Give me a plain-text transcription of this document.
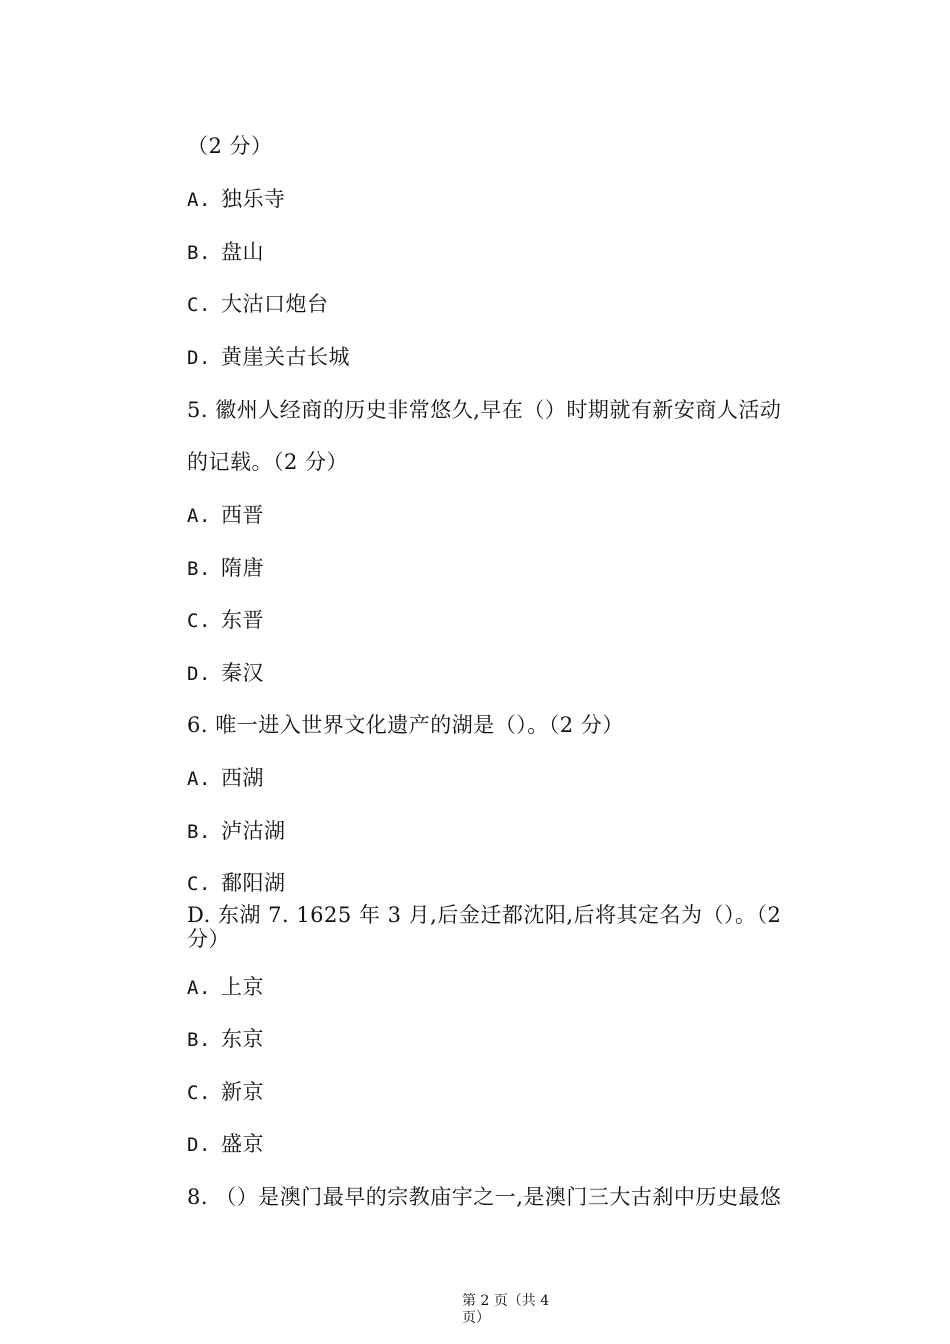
（2 分）
A. 独乐寺
B. 盘山
C. 大沽口炮台
D. 黄崖关古长城
5. 徽州人经商的历史非常悠久,早在（）时期就有新安商人活动
的记载。（2 分）
A. 西晋
B. 隋唐
C. 东晋
D. 秦汉
6. 唯一进入世界文化遗产的湖是（）。（2 分）
A. 西湖
B. 泸沽湖
C. 鄱阳湖
D. 东湖 7. 1625 年 3 月,后金迁都沈阳,后将其定名为（）。（2 分）
A. 上京
B. 东京
C. 新京
D. 盛京
8. （）是澳门最早的宗教庙宇之一,是澳门三大古刹中历史最悠
第 2 页（共 4 页）
